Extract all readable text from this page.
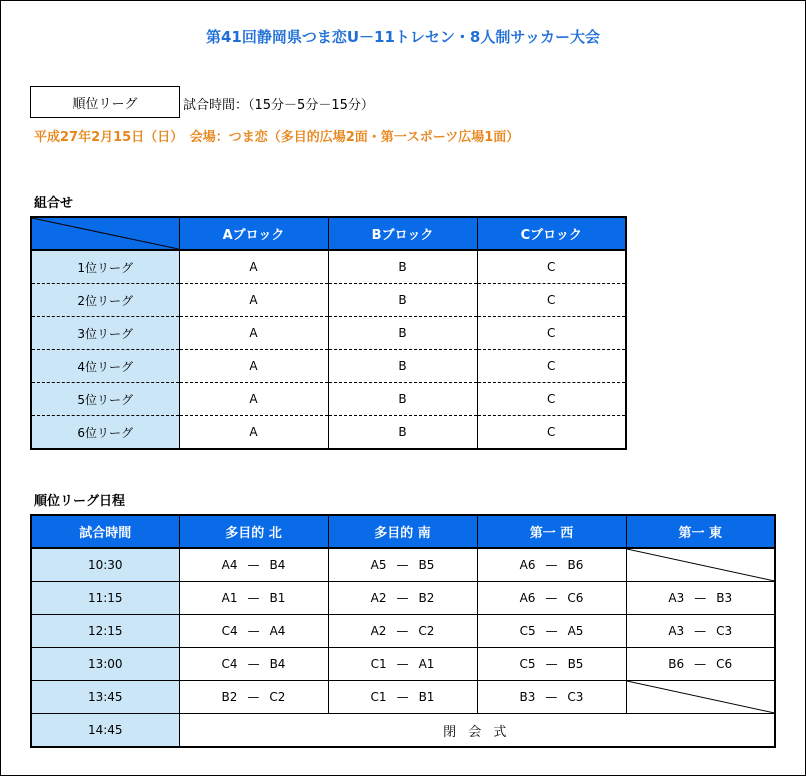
第41回静岡県つま恋U－11トレセン・8人制サッカー大会
順位リーグ	試合時間：（15分－5分－15分）
平成27年2月15日（日）　会場：つま恋（多目的広場2面・第一スポーツ広場1面）
組合せ
	Aブロック	Bブロック	Cブロック
1位リーグ	A	B	C
2位リーグ	A	B	C
3位リーグ	A	B	C
4位リーグ	A	B	C
5位リーグ	A	B	C
6位リーグ	A	B	C
順位リーグ日程
試合時間	多目的 北	多目的 南	第一 西	第一 東
10:30	A4 — B4	A5 — B5	A6 — B6	

11:15	A1 — B1	A2 — B2	A6 — C6	A3 — B3
12:15	C4 — A4	A2 — C2	C5 — A5	A3 — C3
13:00	C4 — B4	C1 — A1	C5 — B5	B6 — C6
13:45	B2 — C2	C1 — B1	B3 — C3	

14:45	閉 会 式			
